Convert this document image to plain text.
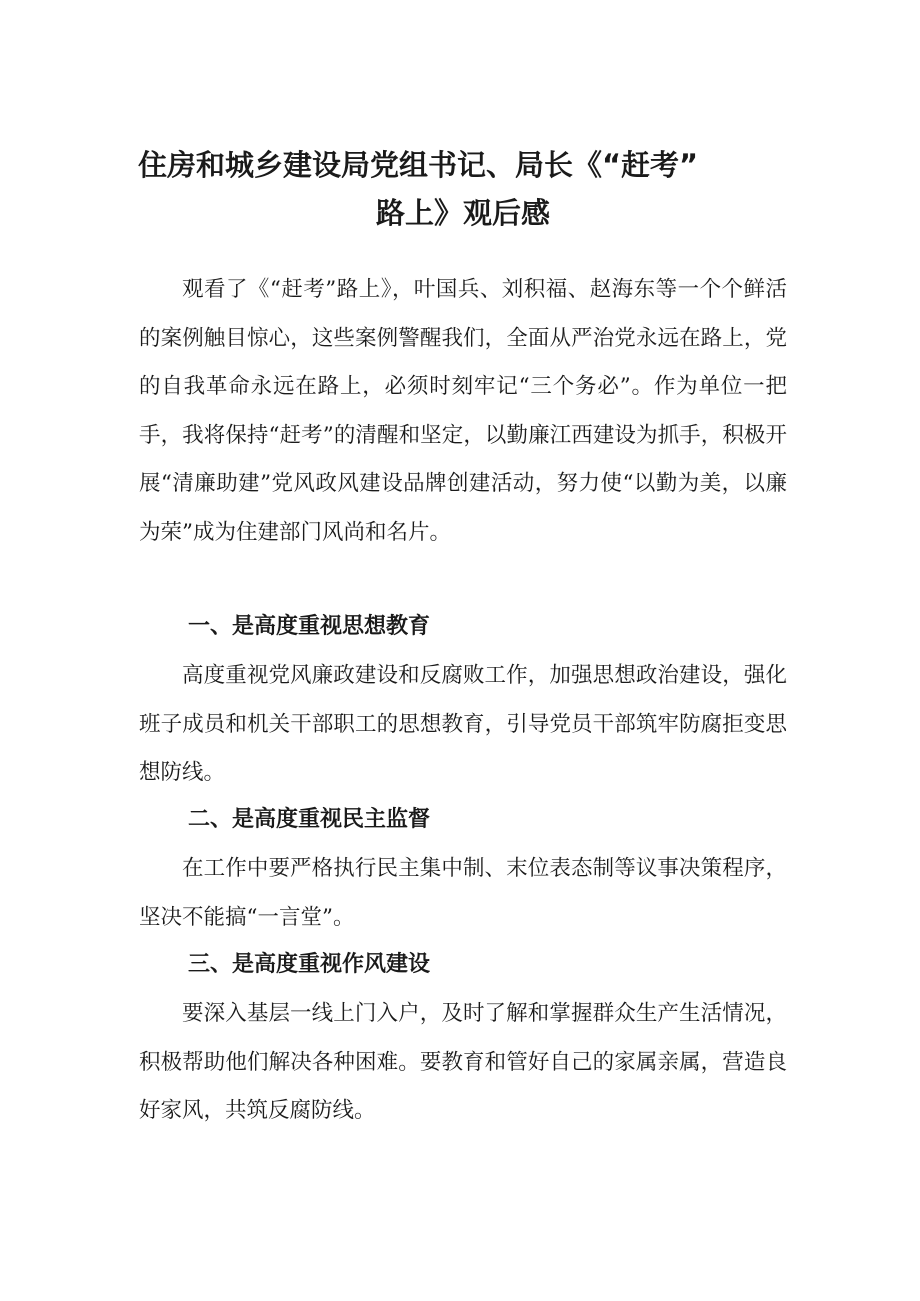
住房和城乡建设局党组书记、局长《“赶考”
路上》观后感

观看了《“赶考”路上》，叶国兵、刘积福、赵海东等一个个鲜活的案例触目惊心，这些案例警醒我们，全面从严治党永远在路上，党的自我革命永远在路上，必须时刻牢记“三个务必”。作为单位一把手，我将保持“赶考”的清醒和坚定，以勤廉江西建设为抓手，积极开展“清廉助建”党风政风建设品牌创建活动，努力使“以勤为美，以廉为荣”成为住建部门风尚和名片。

一、是高度重视思想教育

高度重视党风廉政建设和反腐败工作，加强思想政治建设，强化班子成员和机关干部职工的思想教育，引导党员干部筑牢防腐拒变思想防线。

二、是高度重视民主监督

在工作中要严格执行民主集中制、末位表态制等议事决策程序，坚决不能搞“一言堂”。

三、是高度重视作风建设

要深入基层一线上门入户，及时了解和掌握群众生产生活情况，积极帮助他们解决各种困难。要教育和管好自己的家属亲属，营造良好家风，共筑反腐防线。
